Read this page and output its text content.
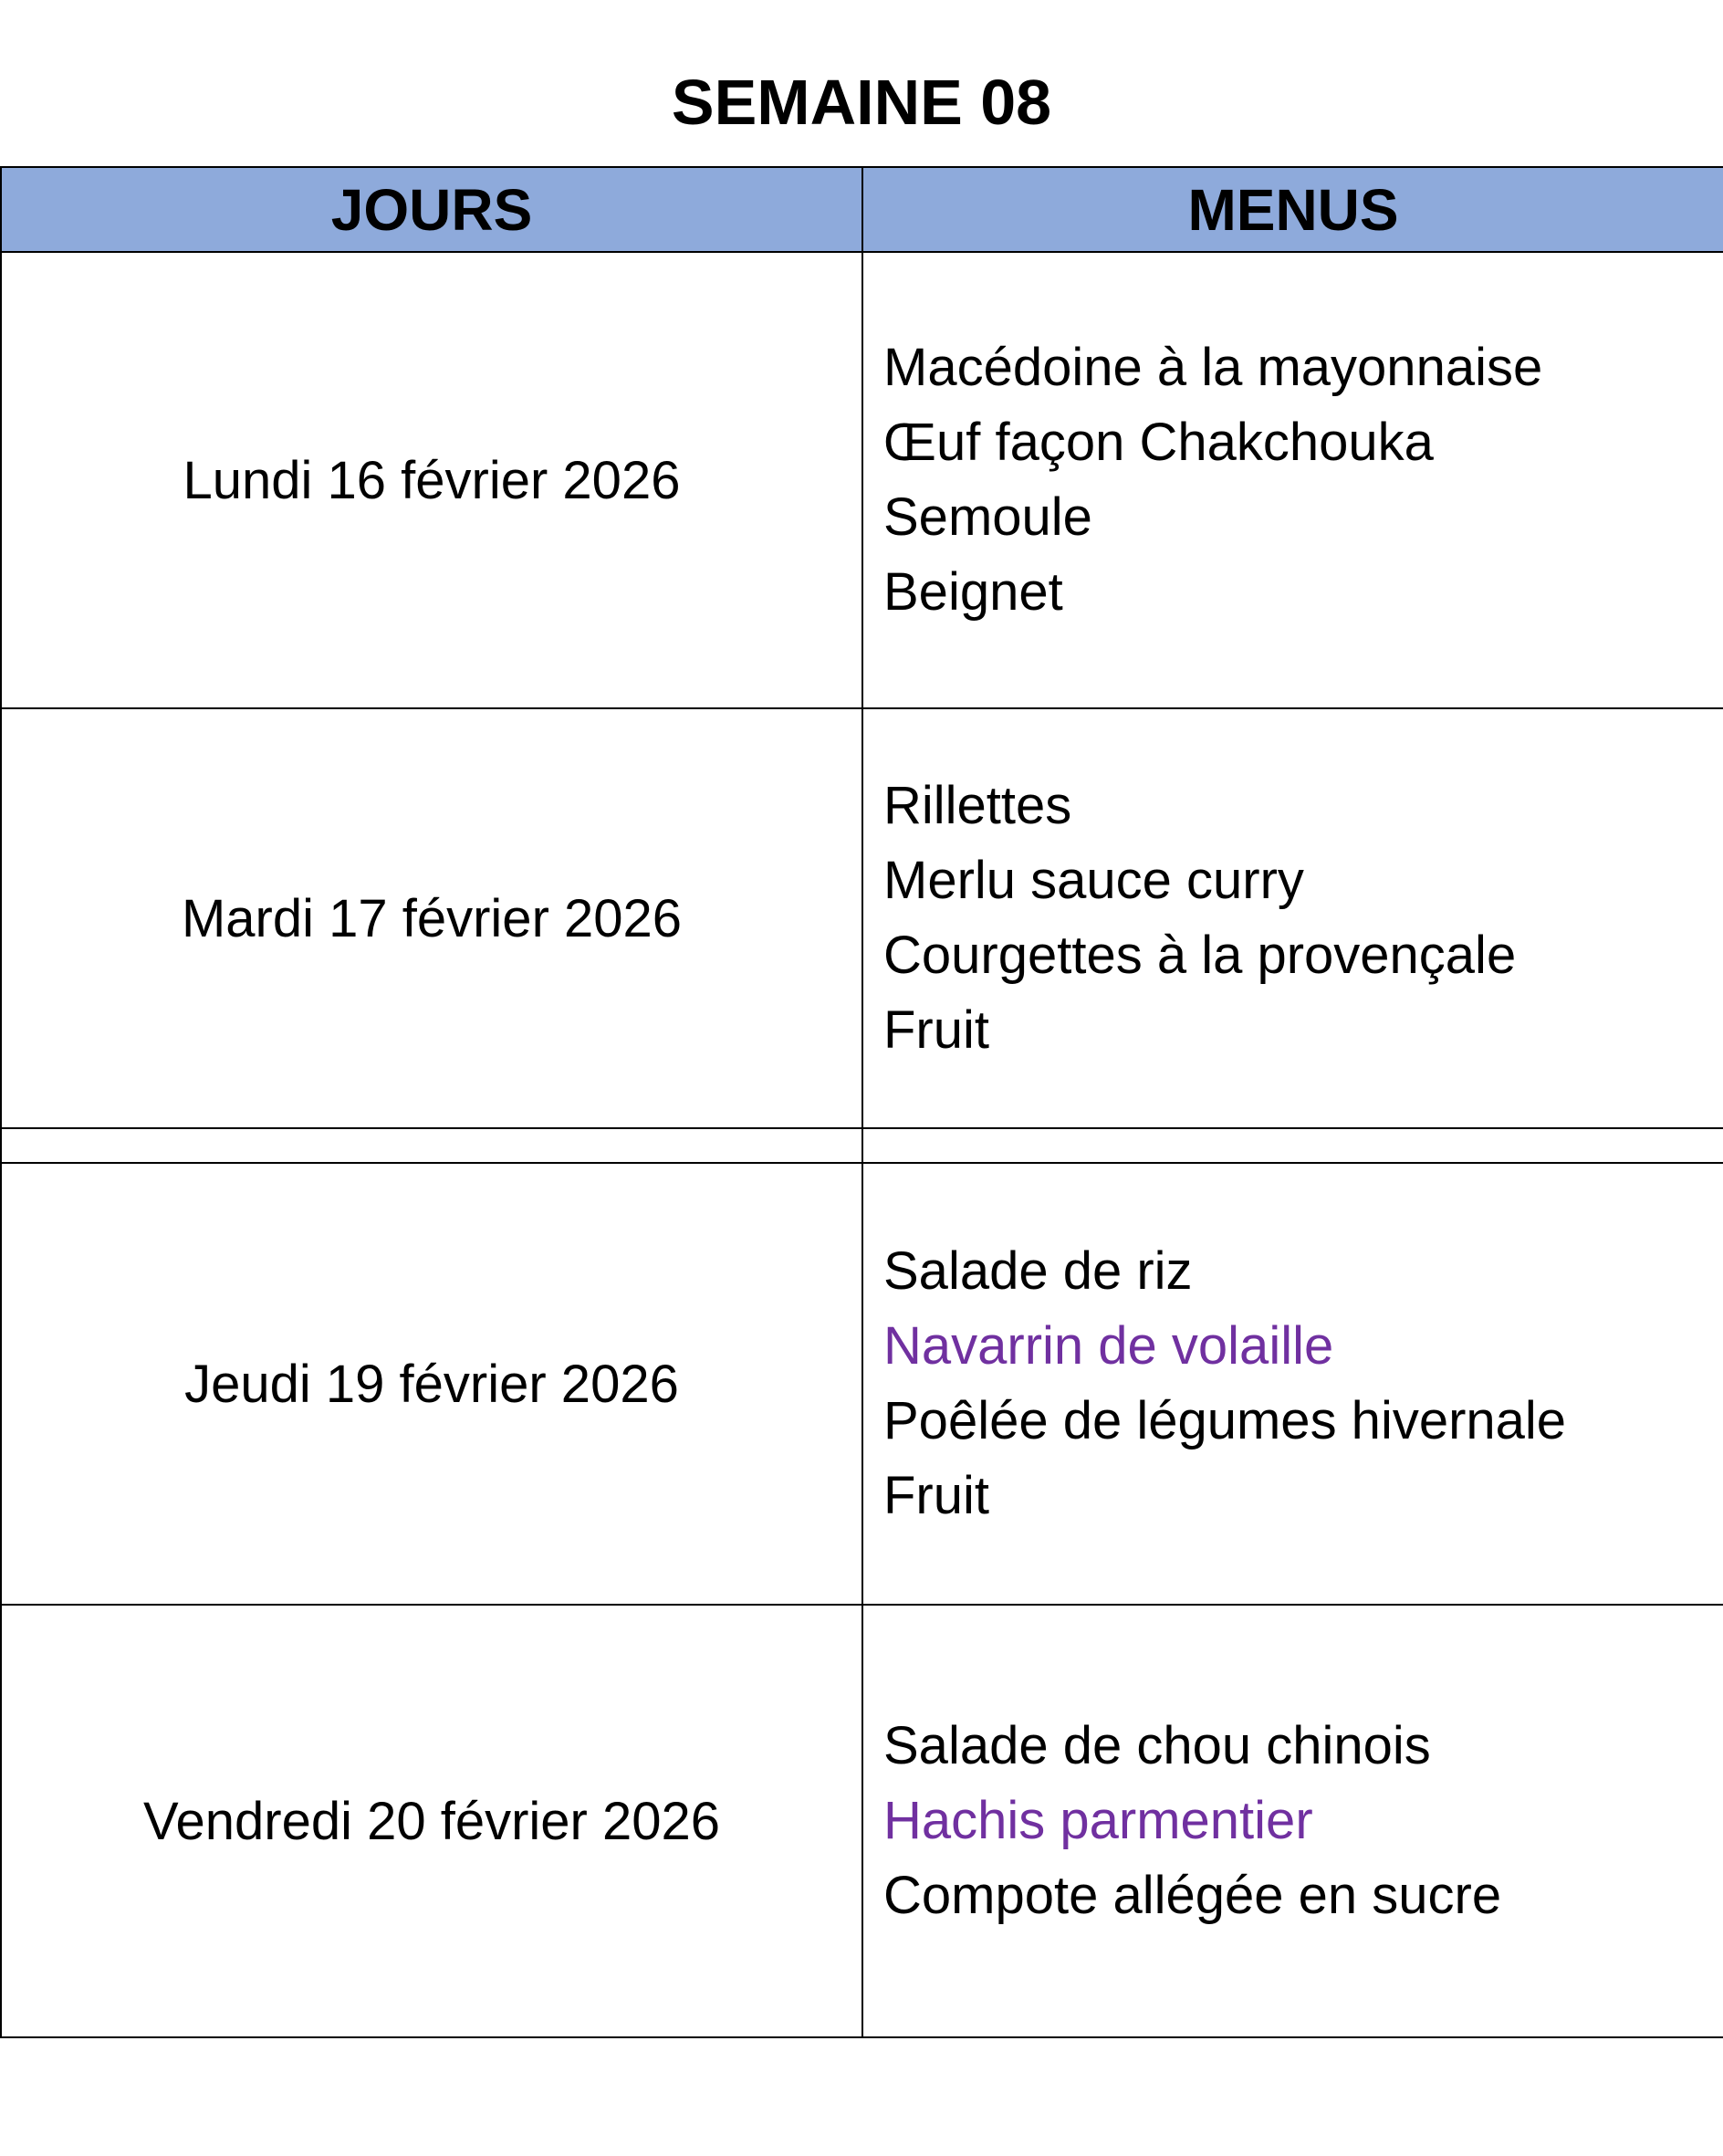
SEMAINE 08
JOURS	MENUS
Lundi 16 février 2026	Macédoine à la mayonnaise
Œuf façon Chakchouka
Semoule
Beignet

Mardi 17 février 2026	Rillettes
Merlu sauce curry
Courgettes à la provençale
Fruit

Jeudi 19 février 2026	Salade de riz
Navarrin de volaille
Poêlée de légumes hivernale
Fruit

Vendredi 20 février 2026	Salade de chou chinois
Hachis parmentier
Compote allégée en sucre
